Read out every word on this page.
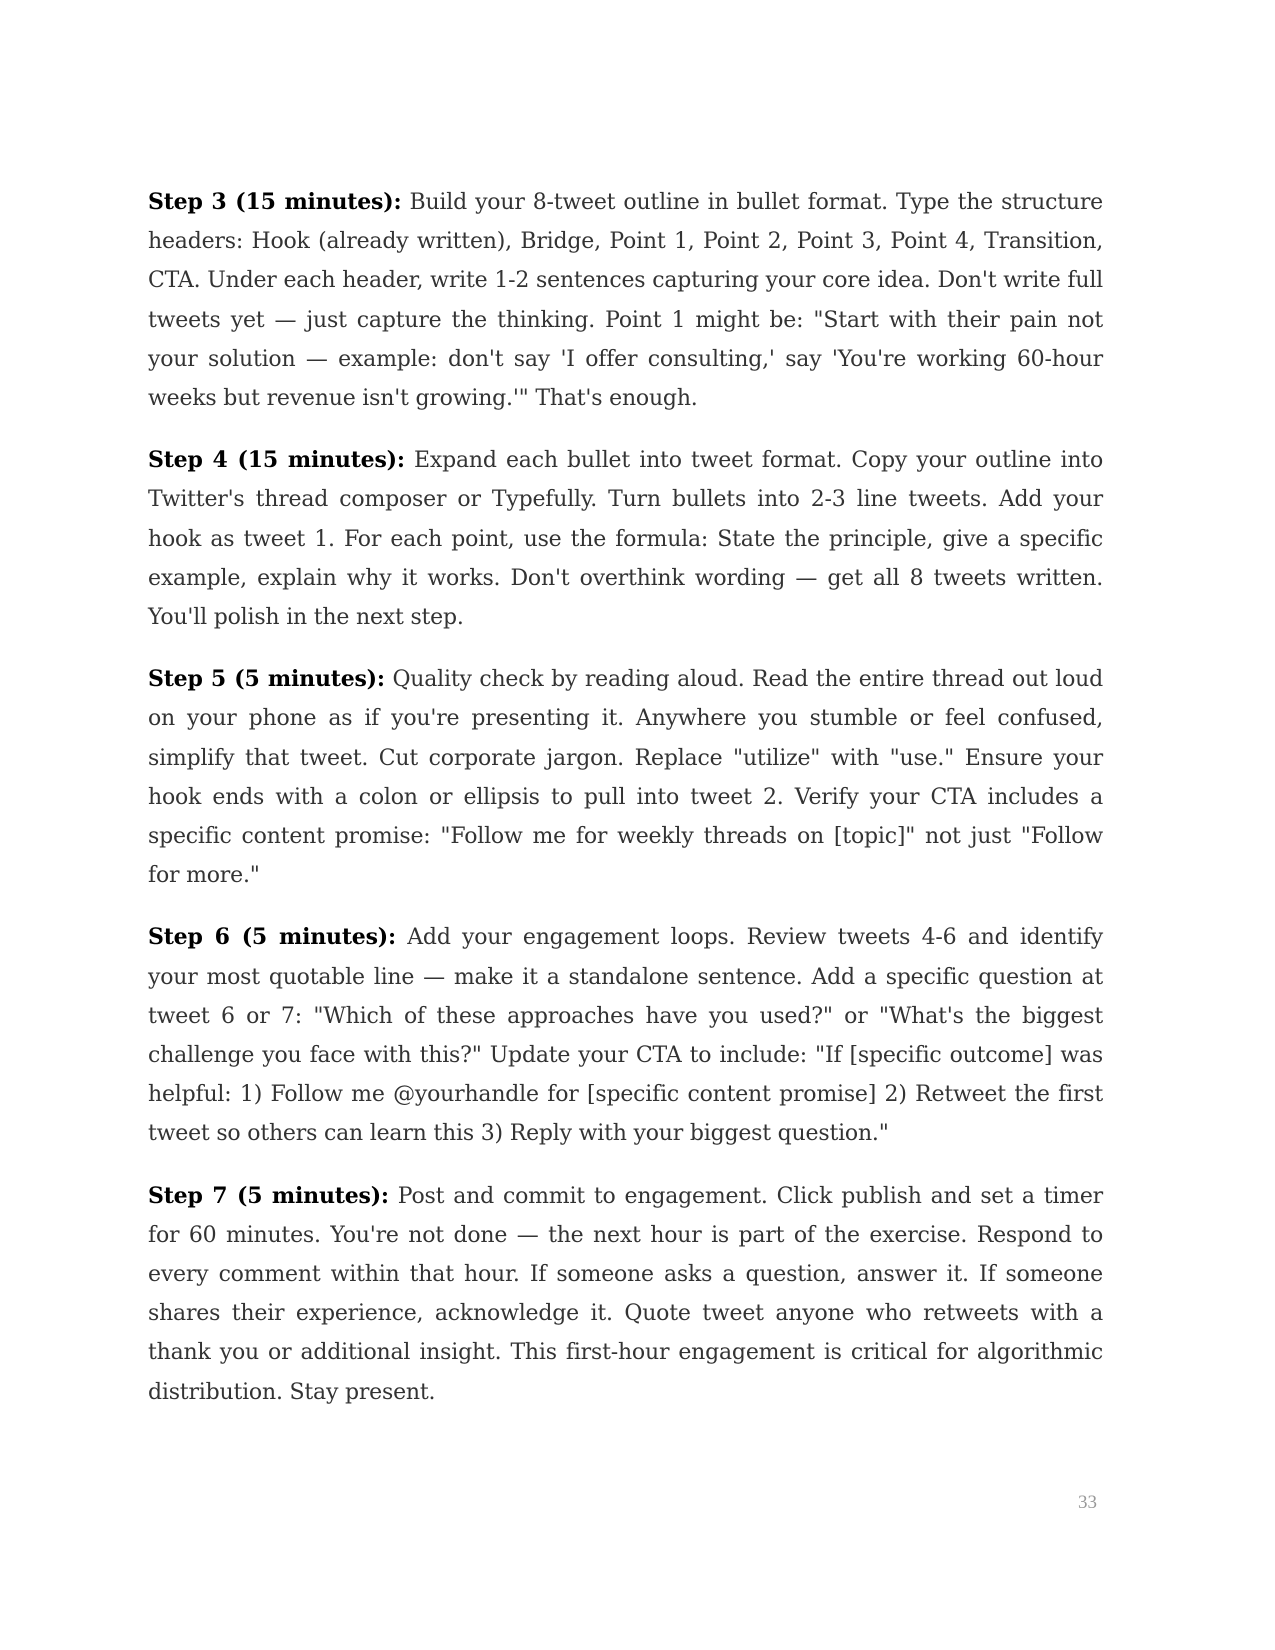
Step 3 (15 minutes): Build your 8-tweet outline in bullet format. Type the structure headers: Hook (already written), Bridge, Point 1, Point 2, Point 3, Point 4, Transition, CTA. Under each header, write 1-2 sentences capturing your core idea. Don't write full tweets yet — just capture the thinking. Point 1 might be: "Start with their pain not your solution — example: don't say 'I offer consulting,' say 'You're working 60-hour weeks but revenue isn't growing.'" That's enough.

Step 4 (15 minutes): Expand each bullet into tweet format. Copy your outline into Twitter's thread composer or Typefully. Turn bullets into 2-3 line tweets. Add your hook as tweet 1. For each point, use the formula: State the principle, give a specific example, explain why it works. Don't overthink wording — get all 8 tweets written. You'll polish in the next step.

Step 5 (5 minutes): Quality check by reading aloud. Read the entire thread out loud on your phone as if you're presenting it. Anywhere you stumble or feel confused, simplify that tweet. Cut corporate jargon. Replace "utilize" with "use." Ensure your hook ends with a colon or ellipsis to pull into tweet 2. Verify your CTA includes a specific content promise: "Follow me for weekly threads on [topic]" not just "Follow for more."

Step 6 (5 minutes): Add your engagement loops. Review tweets 4-6 and identify your most quotable line — make it a standalone sentence. Add a specific question at tweet 6 or 7: "Which of these approaches have you used?" or "What's the biggest challenge you face with this?" Update your CTA to include: "If [specific outcome] was helpful: 1) Follow me @yourhandle for [specific content promise] 2) Retweet the first tweet so others can learn this 3) Reply with your biggest question."

Step 7 (5 minutes): Post and commit to engagement. Click publish and set a timer for 60 minutes. You're not done — the next hour is part of the exercise. Respond to every comment within that hour. If someone asks a question, answer it. If someone shares their experience, acknowledge it. Quote tweet anyone who retweets with a thank you or additional insight. This first-hour engagement is critical for algorithmic distribution. Stay present.

33
